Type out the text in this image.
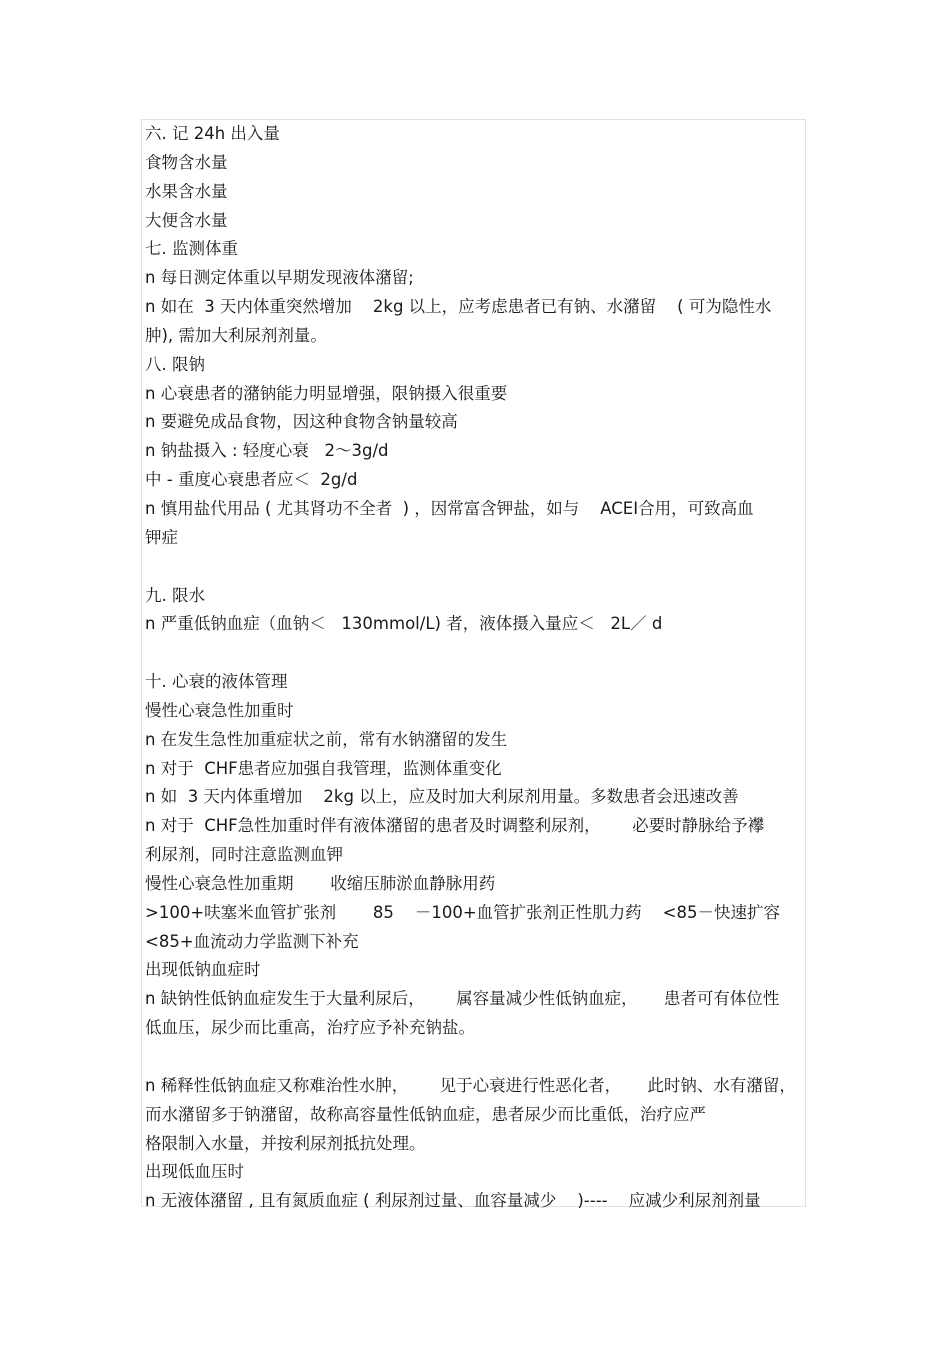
六. 记 24h 出入量
食物含水量
水果含水量
大便含水量
七. 监测体重
n 每日测定体重以早期发现液体潴留;
n 如在  3 天内体重突然增加    2kg 以上，应考虑患者已有钠、水潴留    ( 可为隐性水
肿), 需加大利尿剂剂量。
八. 限钠
n 心衰患者的潴钠能力明显增强，限钠摄入很重要
n 要避免成品食物，因这种食物含钠量较高
n 钠盐摄入 : 轻度心衰   2～3g/d
中 - 重度心衰患者应＜  2g/d
n 慎用盐代用品 ( 尤其肾功不全者  ) ，因常富含钾盐，如与    ACEI合用，可致高血
钾症
九. 限水
n 严重低钠血症（血钠＜   130mmol/L) 者，液体摄入量应＜   2L／ d
十. 心衰的液体管理
慢性心衰急性加重时
n 在发生急性加重症状之前，常有水钠潴留的发生
n 对于  CHF患者应加强自我管理，监测体重变化
n 如  3 天内体重增加    2kg 以上，应及时加大利尿剂用量。多数患者会迅速改善
n 对于  CHF急性加重时伴有液体潴留的患者及时调整利尿剂，      必要时静脉给予襻
利尿剂，同时注意监测血钾
慢性心衰急性加重期       收缩压肺淤血静脉用药
>100+呋塞米血管扩张剂       85    －100+血管扩张剂正性肌力药    <85－快速扩容
<85+血流动力学监测下补充
出现低钠血症时
n 缺钠性低钠血症发生于大量利尿后，      属容量减少性低钠血症，     患者可有体位性
低血压，尿少而比重高，治疗应予补充钠盐。
n 稀释性低钠血症又称难治性水肿，      见于心衰进行性恶化者，     此时钠、水有潴留，
而水潴留多于钠潴留，故称高容量性低钠血症，患者尿少而比重低，治疗应严
格限制入水量，并按利尿剂抵抗处理。
出现低血压时
n 无液体潴留 , 且有氮质血症 ( 利尿剂过量、血容量减少    )----    应减少利尿剂剂量
